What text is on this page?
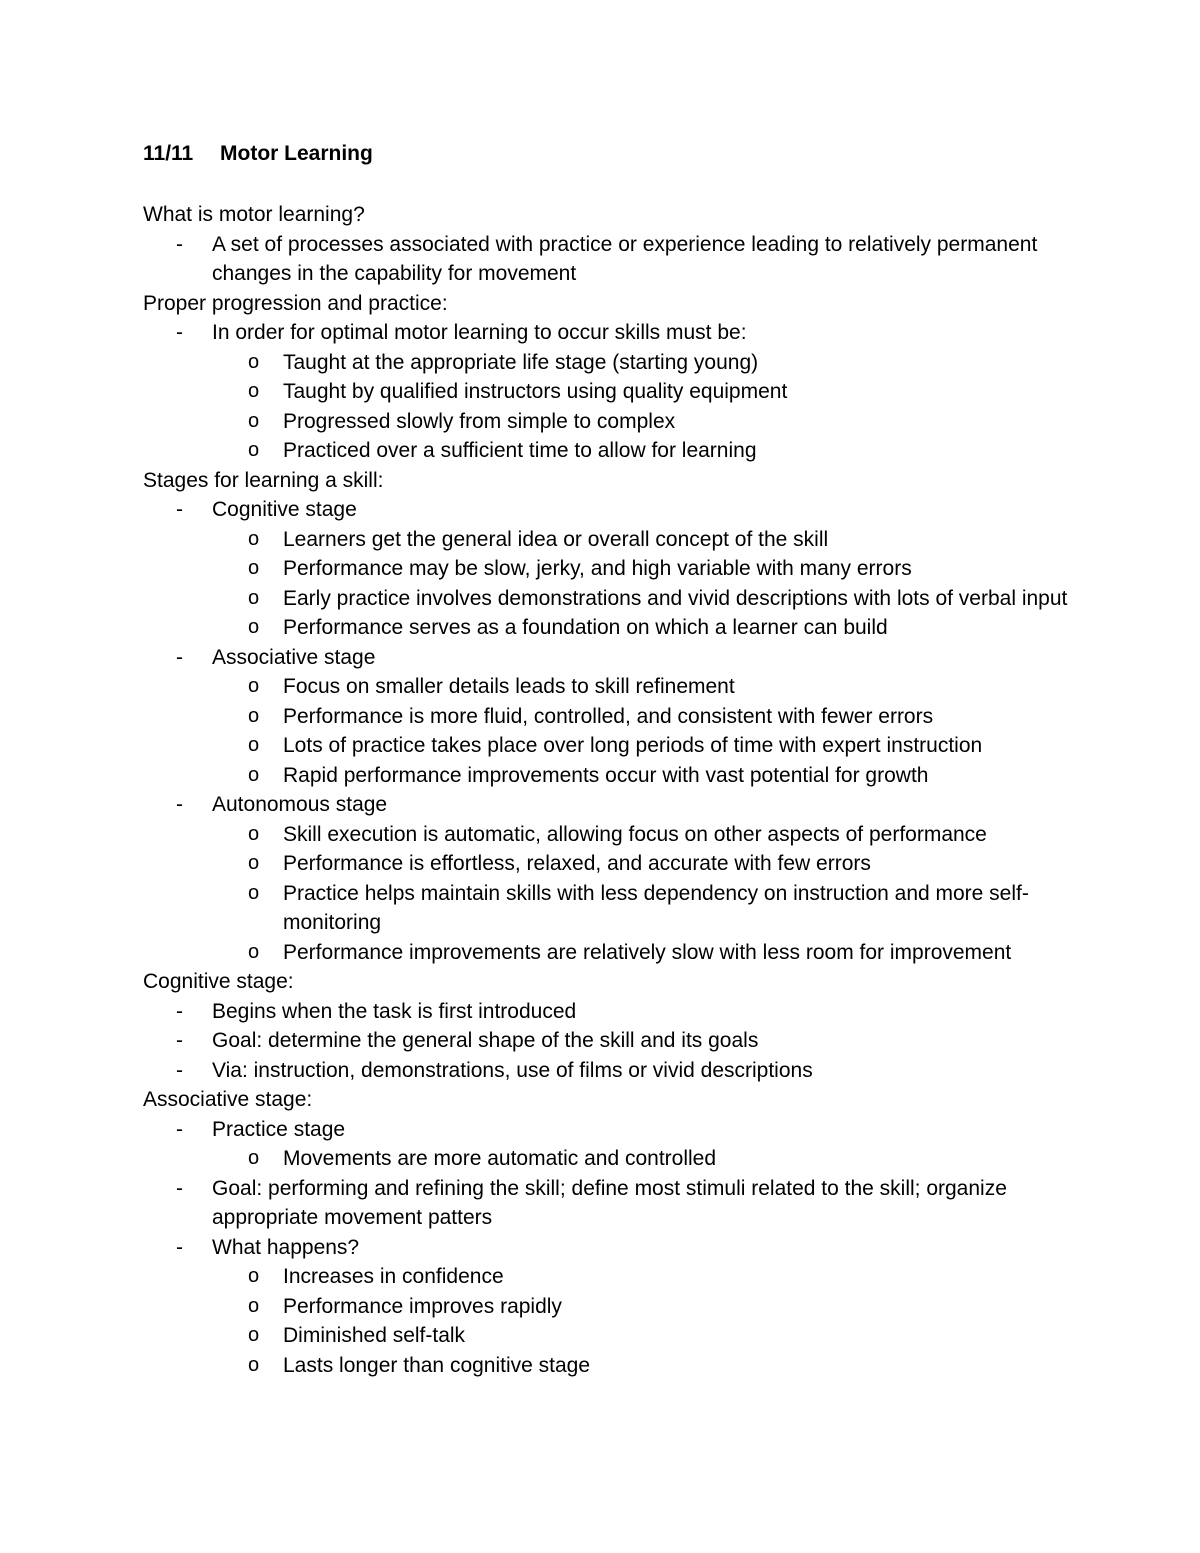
11/11 Motor Learning

What is motor learning?

- A set of processes associated with practice or experience leading to relatively permanent changes in the capability for movement

Proper progression and practice:

- In order for optimal motor learning to occur skills must be:
o Taught at the appropriate life stage (starting young)
o Taught by qualified instructors using quality equipment
o Progressed slowly from simple to complex
o Practiced over a sufficient time to allow for learning

Stages for learning a skill:

- Cognitive stage
o Learners get the general idea or overall concept of the skill
o Performance may be slow, jerky, and high variable with many errors
o Early practice involves demonstrations and vivid descriptions with lots of verbal input
o Performance serves as a foundation on which a learner can build
- Associative stage
o Focus on smaller details leads to skill refinement
o Performance is more fluid, controlled, and consistent with fewer errors
o Lots of practice takes place over long periods of time with expert instruction
o Rapid performance improvements occur with vast potential for growth
- Autonomous stage
o Skill execution is automatic, allowing focus on other aspects of performance
o Performance is effortless, relaxed, and accurate with few errors
o Practice helps maintain skills with less dependency on instruction and more self-monitoring
o Performance improvements are relatively slow with less room for improvement

Cognitive stage:

- Begins when the task is first introduced
- Goal: determine the general shape of the skill and its goals
- Via: instruction, demonstrations, use of films or vivid descriptions

Associative stage:

- Practice stage
o Movements are more automatic and controlled
- Goal: performing and refining the skill; define most stimuli related to the skill; organize appropriate movement patters
- What happens?
o Increases in confidence
o Performance improves rapidly
o Diminished self-talk
o Lasts longer than cognitive stage
